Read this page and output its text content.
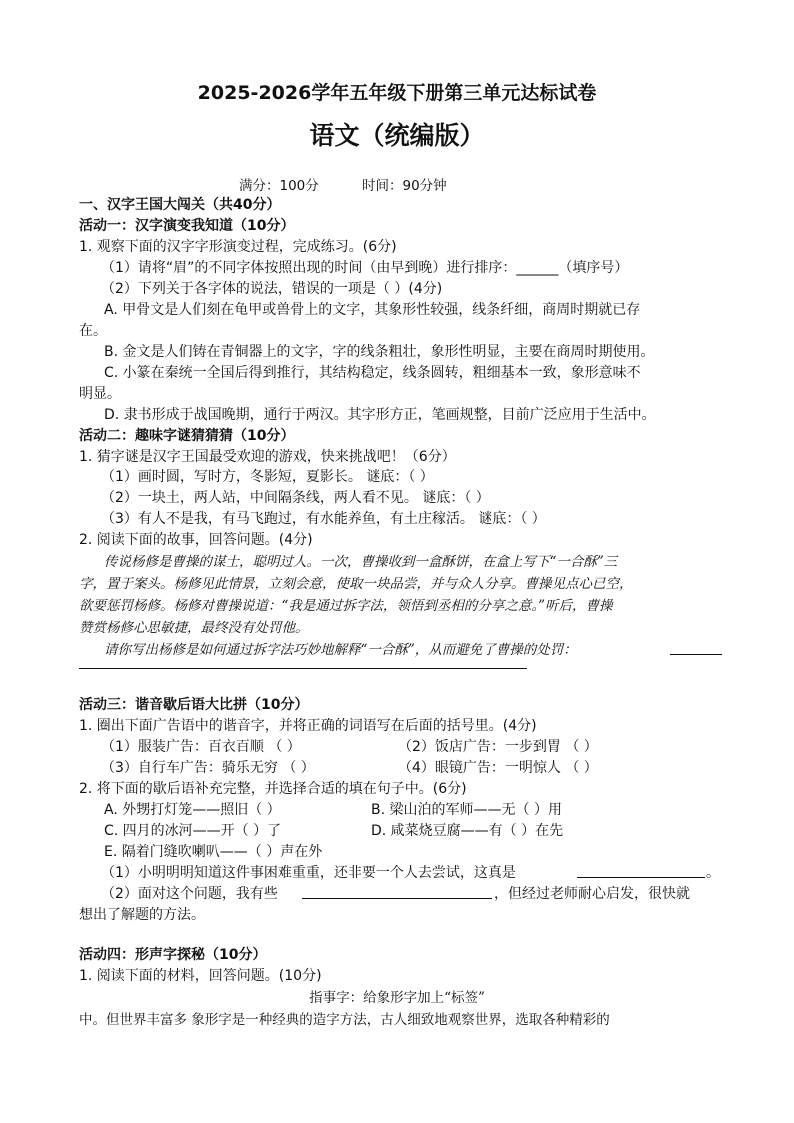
2025-2026学年五年级下册第三单元达标试卷
语文（统编版）
满分：100分	时间：90分钟
一、汉字王国大闯关（共40分）
活动一：汉字演变我知道（10分）
1. 观察下面的汉字字形演变过程，完成练习。(6分)
（1）请将“眉”的不同字体按照出现的时间（由早到晚）进行排序：______（填序号）
（2）下列关于各字体的说法，错误的一项是（ ）(4分)
A. 甲骨文是人们刻在龟甲或兽骨上的文字，其象形性较强，线条纤细，商周时期就已存
在。
B. 金文是人们铸在青铜器上的文字，字的线条粗壮，象形性明显，主要在商周时期使用。
C. 小篆在秦统一全国后得到推行，其结构稳定，线条圆转，粗细基本一致，象形意味不
明显。
D. 隶书形成于战国晚期，通行于两汉。其字形方正，笔画规整，目前广泛应用于生活中。
活动二：趣味字谜猜猜猜（10分）
1. 猜字谜是汉字王国最受欢迎的游戏，快来挑战吧！（6分）
（1）画时圆，写时方，冬影短，夏影长。 谜底：（ ）
（2）一块土，两人站，中间隔条线，两人看不见。 谜底：（ ）
（3）有人不是我，有马飞跑过，有水能养鱼，有土庄稼活。 谜底：（ ）
2. 阅读下面的故事，回答问题。(4分)
传说杨修是曹操的谋士，聪明过人。一次，曹操收到一盒酥饼，在盒上写下“一合酥”三
字，置于案头。杨修见此情景，立刻会意，使取一块品尝，并与众人分享。曹操见点心已空，
欲要惩罚杨修。杨修对曹操说道：“我是通过拆字法，领悟到丞相的分享之意。”听后，曹操
赞赏杨修心思敏捷，最终没有处罚他。
请你写出杨修是如何通过拆字法巧妙地解释“一合酥”，从而避免了曹操的处罚：
活动三：谐音歇后语大比拼（10分）
1. 圈出下面广告语中的谐音字，并将正确的词语写在后面的括号里。(4分)
（1）服装广告：百衣百顺 （ ）	（2）饭店广告：一步到胃 （ ）
（3）自行车广告：骑乐无穷 （ ）	（4）眼镜广告：一明惊人 （ ）
2. 将下面的歇后语补充完整，并选择合适的填在句子中。(6分)
A. 外甥打灯笼——照旧（ ）	B. 梁山泊的军师——无（ ）用
C. 四月的冰河——开（ ）了	D. 咸菜烧豆腐——有（ ）在先
E. 隔着门缝吹喇叭——（ ）声在外
（1）小明明明知道这件事困难重重，还非要一个人去尝试，这真是	。
（2）面对这个问题，我有些	，但经过老师耐心启发，很快就
想出了解题的方法。
活动四：形声字探秘（10分）
1. 阅读下面的材料，回答问题。(10分)
指事字：给象形字加上“标签”
中。但世界丰富多 象形字是一种经典的造字方法，古人细致地观察世界，选取各种精彩的
